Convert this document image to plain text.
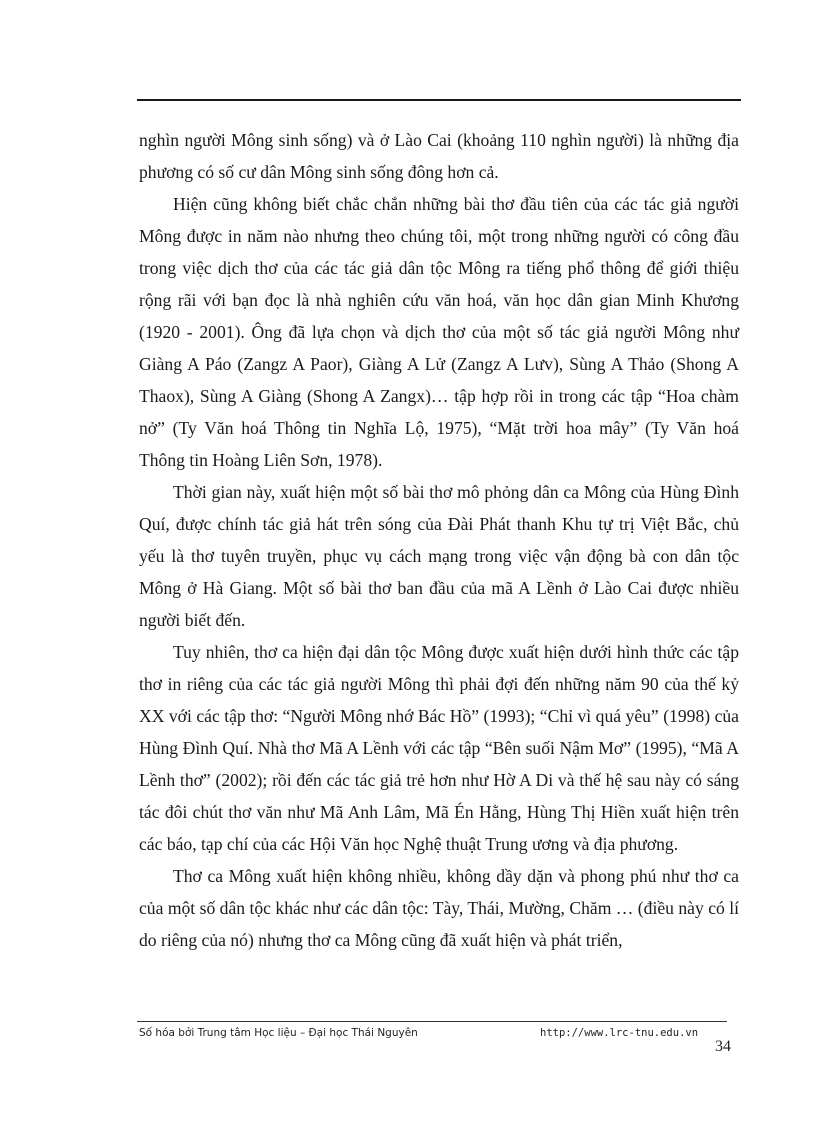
nghìn người Mông sinh sống) và ở Lào Cai (khoảng 110 nghìn người) là những địa phương có số cư dân Mông sinh sống đông hơn cả.

Hiện cũng không biết chắc chắn những bài thơ đầu tiên của các tác giả người Mông được in năm nào nhưng theo chúng tôi, một trong những người có công đầu trong việc dịch thơ của các tác giả dân tộc Mông ra tiếng phổ thông để giới thiệu rộng rãi với bạn đọc là nhà nghiên cứu văn hoá, văn học dân gian Minh Khương (1920 - 2001). Ông đã lựa chọn và dịch thơ của một số tác giả người Mông như Giàng A Páo (Zangz A Paor), Giàng A Lử (Zangz A Lưv), Sùng A Thảo (Shong A Thaox), Sùng A Giàng (Shong A Zangx)… tập hợp rồi in trong các tập “Hoa chàm nở” (Ty Văn hoá Thông tin Nghĩa Lộ, 1975), “Mặt trời hoa mây” (Ty Văn hoá Thông tin Hoàng Liên Sơn, 1978).

Thời gian này, xuất hiện một số bài thơ mô phỏng dân ca Mông của Hùng Đình Quí, được chính tác giả hát trên sóng của Đài Phát thanh Khu tự trị Việt Bắc, chủ yếu là thơ tuyên truyền, phục vụ cách mạng trong việc vận động bà con dân tộc Mông ở Hà Giang. Một số bài thơ ban đầu của mã A Lềnh ở Lào Cai được nhiều người biết đến.

Tuy nhiên, thơ ca hiện đại dân tộc Mông được xuất hiện dưới hình thức các tập thơ in riêng của các tác giả người Mông thì phải đợi đến những năm 90 của thế kỷ XX với các tập thơ: “Người Mông nhớ Bác Hồ” (1993); “Chỉ vì quá yêu” (1998) của Hùng Đình Quí. Nhà thơ Mã A Lềnh với các tập “Bên suối Nậm Mơ” (1995), “Mã A Lềnh thơ” (2002); rồi đến các tác giả trẻ hơn như Hờ A Di và thế hệ sau này có sáng tác đôi chút thơ văn như Mã Anh Lâm, Mã Én Hằng, Hùng Thị Hiền xuất hiện trên các báo, tạp chí của các Hội Văn học Nghệ thuật Trung ương và địa phương.

Thơ ca Mông xuất hiện không nhiều, không dầy dặn và phong phú như thơ ca của một số dân tộc khác như các dân tộc: Tày, Thái, Mường, Chăm … (điều này có lí do riêng của nó) nhưng thơ ca Mông cũng đã xuất hiện và phát triển,

Số hóa bởi Trung tâm Học liệu – Đại học Thái Nguyên	http://www.lrc-tnu.edu.vn
34
